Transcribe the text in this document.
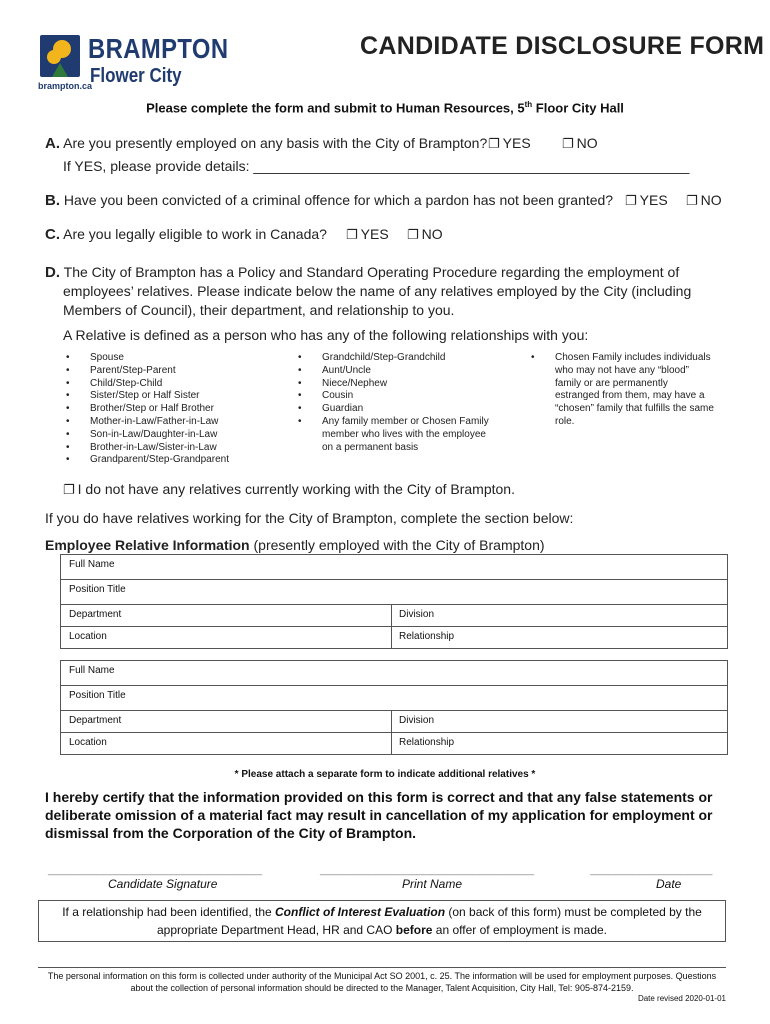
BRAMPTON
Flower City
brampton.ca
CANDIDATE DISCLOSURE FORM
Please complete the form and submit to Human Resources, 5th Floor City Hall
A. Are you presently employed on any basis with the City of Brampton? ❐ YES ❐ NO
If YES, please provide details: ________________________________________________________
B. Have you been convicted of a criminal offence for which a pardon has not been granted? ❐ YES ❐ NO
C. Are you legally eligible to work in Canada? ❐ YES ❐ NO
D. The City of Brampton has a Policy and Standard Operating Procedure regarding the employment of
employees’ relatives. Please indicate below the name of any relatives employed by the City (including
Members of Council), their department, and relationship to you.
A Relative is defined as a person who has any of the following relationships with you:
• Spouse
• Parent/Step-Parent
• Child/Step-Child
• Sister/Step or Half Sister
• Brother/Step or Half Brother
• Mother-in-Law/Father-in-Law
• Son-in-Law/Daughter-in-Law
• Brother-in-Law/Sister-in-Law
• Grandparent/Step-Grandparent
• Grandchild/Step-Grandchild
• Aunt/Uncle
• Niece/Nephew
• Cousin
• Guardian
• Any family member or Chosen Family member who lives with the employee on a permanent basis
• Chosen Family includes individuals who may not have any “blood” family or are permanently estranged from them, may have a “chosen” family that fulfills the same role.
❐ I do not have any relatives currently working with the City of Brampton.
If you do have relatives working for the City of Brampton, complete the section below:
Employee Relative Information (presently employed with the City of Brampton)
Full Name
Position Title
Department	Division
Location	Relationship
Full Name
Position Title
Department	Division
Location	Relationship
* Please attach a separate form to indicate additional relatives *
I hereby certify that the information provided on this form is correct and that any false statements or deliberate omission of a material fact may result in cancellation of my application for employment or dismissal from the Corporation of the City of Brampton.
___________________________________	___________________________________	____________________
Candidate Signature	Print Name	Date
If a relationship had been identified, the Conflict of Interest Evaluation (on back of this form) must be completed by the appropriate Department Head, HR and CAO before an offer of employment is made.
The personal information on this form is collected under authority of the Municipal Act SO 2001, c. 25. The information will be used for employment purposes. Questions about the collection of personal information should be directed to the Manager, Talent Acquisition, City Hall, Tel: 905-874-2159.
Date revised 2020-01-01
